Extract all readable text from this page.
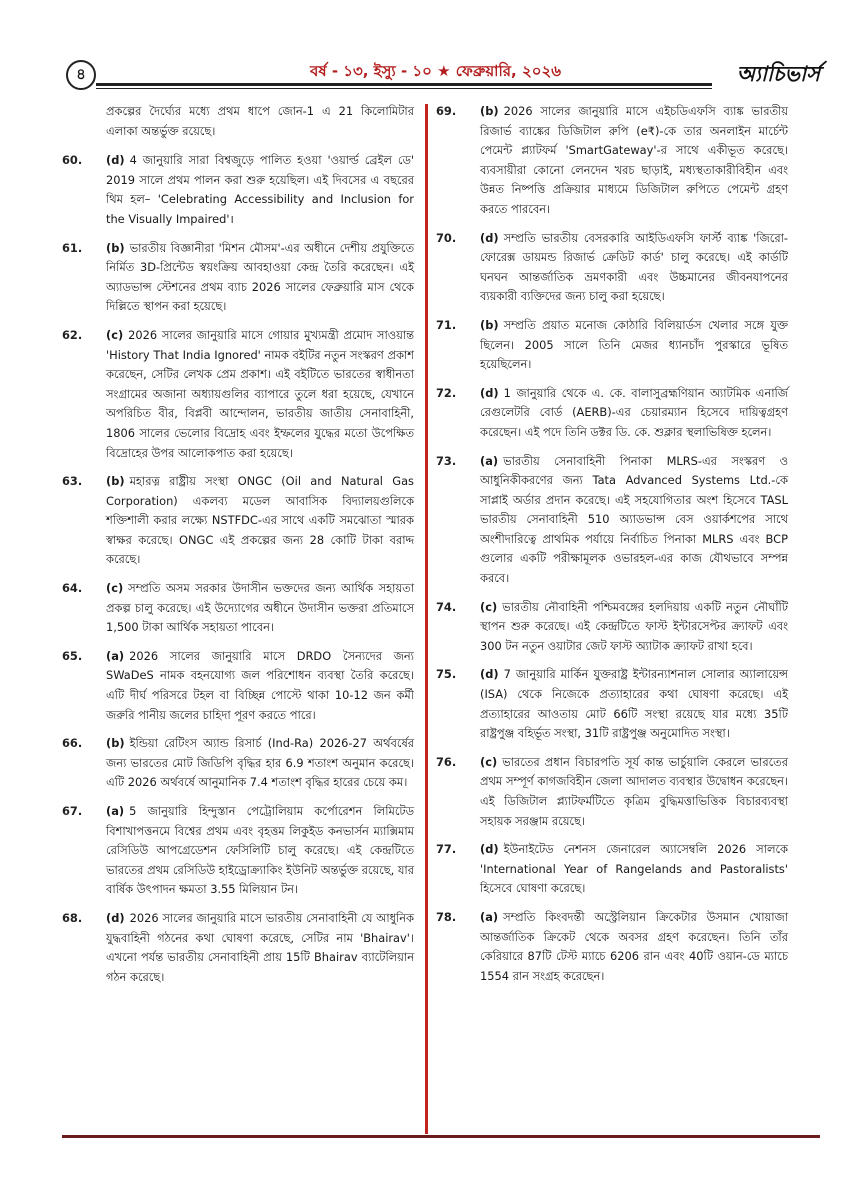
৪	বর্ষ - ১৩, ইস্যু - ১০ ★ ফেব্রুয়ারি, ২০২৬	অ্যাচিভার্স
প্রকল্পের দৈর্ঘ্যের মধ্যে প্রথম ধাপে জোন-1 এ 21 কিলোমিটার এলাকা অন্তর্ভুক্ত রয়েছে।
60. (d) 4 জানুয়ারি সারা বিশ্বজুড়ে পালিত হওয়া 'ওয়ার্ল্ড ব্রেইল ডে' 2019 সালে প্রথম পালন করা শুরু হয়েছিল। এই দিবসের এ বছরের থিম হল– 'Celebrating Accessibility and Inclusion for the Visually Impaired'।
61. (b) ভারতীয় বিজ্ঞানীরা 'মিশন মৌসম'-এর অধীনে দেশীয় প্রযুক্তিতে নির্মিত 3D-প্রিন্টেড স্বয়ংক্রিয় আবহাওয়া কেন্দ্র তৈরি করেছেন। এই অ্যাডভান্স স্টেশনের প্রথম ব্যাচ 2026 সালের ফেব্রুয়ারি মাস থেকে দিল্লিতে স্থাপন করা হয়েছে।
62. (c) 2026 সালের জানুয়ারি মাসে গোয়ার মুখ্যমন্ত্রী প্রমোদ সাওয়ান্ত 'History That India Ignored' নামক বইটির নতুন সংস্করণ প্রকাশ করেছেন, সেটির লেখক প্রেম প্রকাশ। এই বইটিতে ভারতের স্বাধীনতা সংগ্রামের অজানা অধ্যায়গুলির ব্যাপারে তুলে ধরা হয়েছে, যেখানে অপরিচিত বীর, বিপ্লবী আন্দোলন, ভারতীয় জাতীয় সেনাবাহিনী, 1806 সালের ভেলোর বিদ্রোহ এবং ইম্ফলের যুদ্ধের মতো উপেক্ষিত বিদ্রোহের উপর আলোকপাত করা হয়েছে।
63. (b) মহারত্ন রাষ্ট্রীয় সংস্থা ONGC (Oil and Natural Gas Corporation) একলব্য মডেল আবাসিক বিদ্যালয়গুলিকে শক্তিশালী করার লক্ষ্যে NSTFDC-এর সাথে একটি সমঝোতা স্মারক স্বাক্ষর করেছে। ONGC এই প্রকল্পের জন্য 28 কোটি টাকা বরাদ্দ করেছে।
64. (c) সম্প্রতি অসম সরকার উদাসীন ভক্তদের জন্য আর্থিক সহায়তা প্রকল্প চালু করেছে। এই উদ্যোগের অধীনে উদাসীন ভক্তরা প্রতিমাসে 1,500 টাকা আর্থিক সহায়তা পাবেন।
65. (a) 2026 সালের জানুয়ারি মাসে DRDO সৈন্যদের জন্য SWaDeS নামক বহনযোগ্য জল পরিশোধন ব্যবস্থা তৈরি করেছে। এটি দীর্ঘ পরিসরে টহল বা বিচ্ছিন্ন পোস্টে থাকা 10-12 জন কর্মী জরুরি পানীয় জলের চাহিদা পূরণ করতে পারে।
66. (b) ইন্ডিয়া রেটিংস অ্যান্ড রিসার্চ (Ind-Ra) 2026-27 অর্থবর্ষের জন্য ভারতের মোট জিডিপি বৃদ্ধির হার 6.9 শতাংশ অনুমান করেছে। এটি 2026 অর্থবর্ষে আনুমানিক 7.4 শতাংশ বৃদ্ধির হারের চেয়ে কম।
67. (a) 5 জানুয়ারি হিন্দুস্তান পেট্রোলিয়াম কর্পোরেশন লিমিটেড বিশাখাপত্তনমে বিশ্বের প্রথম এবং বৃহত্তম লিকুইড কনভার্সন ম্যাক্সিমাম রেসিডিউ আপগ্রেডেশন ফেসিলিটি চালু করেছে। এই কেন্দ্রটিতে ভারতের প্রথম রেসিডিউ হাইড্রোক্র্যাকিং ইউনিট অন্তর্ভুক্ত রয়েছে, যার বার্ষিক উৎপাদন ক্ষমতা 3.55 মিলিয়ান টন।
68. (d) 2026 সালের জানুয়ারি মাসে ভারতীয় সেনাবাহিনী যে আধুনিক যুদ্ধবাহিনী গঠনের কথা ঘোষণা করেছে, সেটির নাম 'Bhairav'। এখনো পর্যন্ত ভারতীয় সেনাবাহিনী প্রায় 15টি Bhairav ব্যাটেলিয়ান গঠন করেছে।
69. (b) 2026 সালের জানুয়ারি মাসে এইচডিএফসি ব্যাঙ্ক ভারতীয় রিজার্ভ ব্যাঙ্কের ডিজিটাল রুপি (e₹)-কে তার অনলাইন মার্চেন্ট পেমেন্ট প্ল্যাটফর্ম 'SmartGateway'-র সাথে একীভূত করেছে। ব্যবসায়ীরা কোনো লেনদেন খরচ ছাড়াই, মধ্যস্থতাকারীবিহীন এবং উন্নত নিষ্পত্তি প্রক্রিয়ার মাধ্যমে ডিজিটাল রুপিতে পেমেন্ট গ্রহণ করতে পারবেন।
70. (d) সম্প্রতি ভারতীয় বেসরকারি আইডিএফসি ফার্স্ট ব্যাঙ্ক 'জিরো-ফোরেক্স ডায়মন্ড রিজার্ভ ক্রেডিট কার্ড' চালু করেছে। এই কার্ডটি ঘনঘন আন্তর্জাতিক ভ্রমণকারী এবং উচ্চমানের জীবনযাপনের ব্যয়কারী ব্যক্তিদের জন্য চালু করা হয়েছে।
71. (b) সম্প্রতি প্রয়াত মনোজ কোঠারি বিলিয়ার্ডস খেলার সঙ্গে যুক্ত ছিলেন। 2005 সালে তিনি মেজর ধ্যানচাঁদ পুরস্কারে ভূষিত হয়েছিলেন।
72. (d) 1 জানুয়ারি থেকে এ. কে. বালাসুব্রহ্মণিয়ান অ্যাটমিক এনার্জি রেগুলেটরি বোর্ড (AERB)-এর চেয়ারম্যান হিসেবে দায়িত্বগ্রহণ করেছেন। এই পদে তিনি ডক্টর ডি. কে. শুক্লার স্থলাভিষিক্ত হলেন।
73. (a) ভারতীয় সেনাবাহিনী পিনাকা MLRS-এর সংস্করণ ও আধুনিকীকরণের জন্য Tata Advanced Systems Ltd.-কে সাপ্লাই অর্ডার প্রদান করেছে। এই সহযোগিতার অংশ হিসেবে TASL ভারতীয় সেনাবাহিনী 510 অ্যাডভান্স বেস ওয়ার্কশপের সাথে অংশীদারিত্বে প্রাথমিক পর্যায়ে নির্বাচিত পিনাকা MLRS এবং BCP গুলোর একটি পরীক্ষামূলক ওভারহল-এর কাজ যৌথভাবে সম্পন্ন করবে।
74. (c) ভারতীয় নৌবাহিনী পশ্চিমবঙ্গের হলদিয়ায় একটি নতুন নৌঘাঁটি স্থাপন শুরু করেছে। এই কেন্দ্রটিতে ফাস্ট ইন্টারসেপ্টর ক্র্যাফট এবং 300 টন নতুন ওয়াটার জেট ফাস্ট অ্যাটাক ক্র্যাফট রাখা হবে।
75. (d) 7 জানুয়ারি মার্কিন যুক্তরাষ্ট্র ইন্টারন্যাশনাল সোলার অ্যালায়েন্স (ISA) থেকে নিজেকে প্রত্যাহারের কথা ঘোষণা করেছে। এই প্রত্যাহারের আওতায় মোট 66টি সংস্থা রয়েছে যার মধ্যে 35টি রাষ্ট্রপুঞ্জ বহির্ভূত সংস্থা, 31টি রাষ্ট্রপুঞ্জ অনুমোদিত সংস্থা।
76. (c) ভারতের প্রধান বিচারপতি সূর্য কান্ত ভার্চুয়ালি কেরলে ভারতের প্রথম সম্পূর্ণ কাগজবিহীন জেলা আদালত ব্যবস্থার উদ্বোধন করেছেন। এই ডিজিটাল প্ল্যাটফর্মটিতে কৃত্রিম বুদ্ধিমত্তাভিত্তিক বিচারব্যবস্থা সহায়ক সরঞ্জাম রয়েছে।
77. (d) ইউনাইটেড নেশনস জেনারেল অ্যাসেম্বলি 2026 সালকে 'International Year of Rangelands and Pastoralists' হিসেবে ঘোষণা করেছে।
78. (a) সম্প্রতি কিংবদন্তী অস্ট্রেলিয়ান ক্রিকেটার উসমান খোয়াজা আন্তর্জাতিক ক্রিকেট থেকে অবসর গ্রহণ করেছেন। তিনি তাঁর কেরিয়ারে 87টি টেস্ট ম্যাচে 6206 রান এবং 40টি ওয়ান-ডে ম্যাচে 1554 রান সংগ্রহ করেছেন।
